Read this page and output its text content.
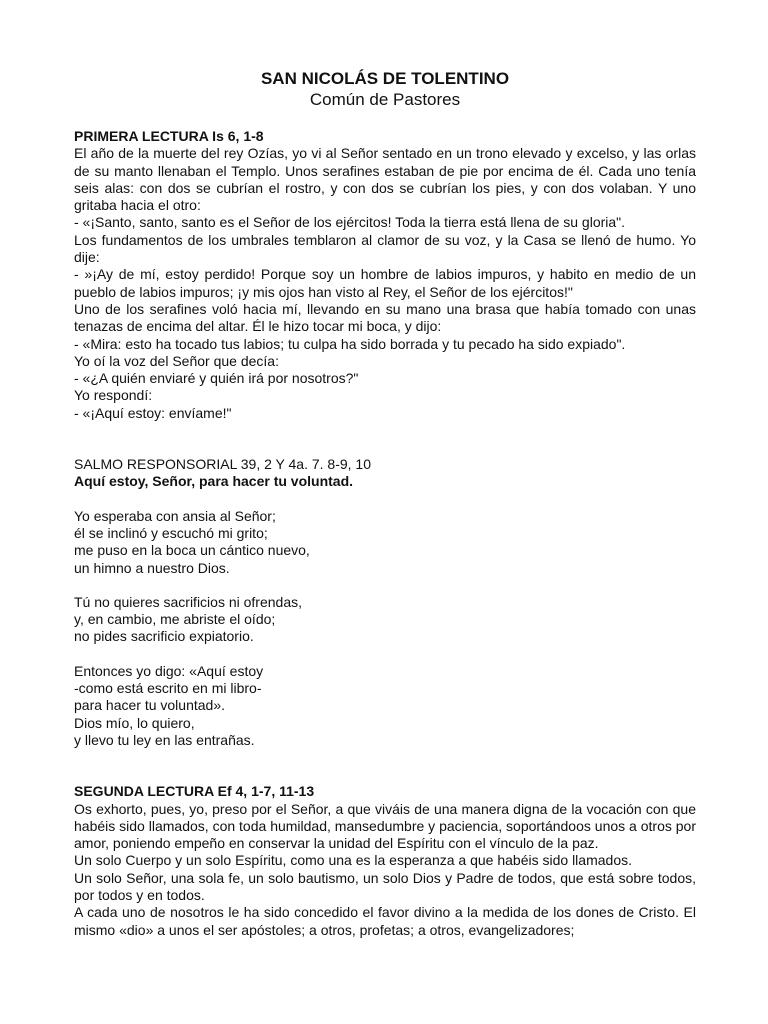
SAN NICOLÁS DE TOLENTINO

Común de Pastores

PRIMERA LECTURA Is 6, 1-8

El año de la muerte del rey Ozías, yo vi al Señor sentado en un trono elevado y excelso, y las orlas de su manto llenaban el Templo. Unos serafines estaban de pie por encima de él. Cada uno tenía seis alas: con dos se cubrían el rostro, y con dos se cubrían los pies, y con dos volaban. Y uno gritaba hacia el otro:

- «¡Santo, santo, santo es el Señor de los ejércitos! Toda la tierra está llena de su gloria".

Los fundamentos de los umbrales temblaron al clamor de su voz, y la Casa se llenó de humo. Yo dije:

- »¡Ay de mí, estoy perdido! Porque soy un hombre de labios impuros, y habito en medio de un pueblo de labios impuros; ¡y mis ojos han visto al Rey, el Señor de los ejércitos!"

Uno de los serafines voló hacia mí, llevando en su mano una brasa que había tomado con unas tenazas de encima del altar. Él le hizo tocar mi boca, y dijo:

- «Mira: esto ha tocado tus labios; tu culpa ha sido borrada y tu pecado ha sido expiado".

Yo oí la voz del Señor que decía:

- «¿A quién enviaré y quién irá por nosotros?"

Yo respondí:

- «¡Aquí estoy: envíame!"

SALMO RESPONSORIAL 39, 2 Y 4a. 7. 8-9, 10

Aquí estoy, Señor, para hacer tu voluntad.

Yo esperaba con ansia al Señor;

él se inclinó y escuchó mi grito;

me puso en la boca un cántico nuevo,

un himno a nuestro Dios.

Tú no quieres sacrificios ni ofrendas,

y, en cambio, me abriste el oído;

no pides sacrificio expiatorio.

Entonces yo digo: «Aquí estoy

-como está escrito en mi libro-

para hacer tu voluntad».

Dios mío, lo quiero,

y llevo tu ley en las entrañas.

SEGUNDA LECTURA Ef 4, 1-7, 11-13

Os exhorto, pues, yo, preso por el Señor, a que viváis de una manera digna de la vocación con que habéis sido llamados, con toda humildad, mansedumbre y paciencia, soportándoos unos a otros por amor, poniendo empeño en conservar la unidad del Espíritu con el vínculo de la paz.

Un solo Cuerpo y un solo Espíritu, como una es la esperanza a que habéis sido llamados.

Un solo Señor, una sola fe, un solo bautismo, un solo Dios y Padre de todos, que está sobre todos, por todos y en todos.

A cada uno de nosotros le ha sido concedido el favor divino a la medida de los dones de Cristo. El mismo «dio» a unos el ser apóstoles; a otros, profetas; a otros, evangelizadores;
